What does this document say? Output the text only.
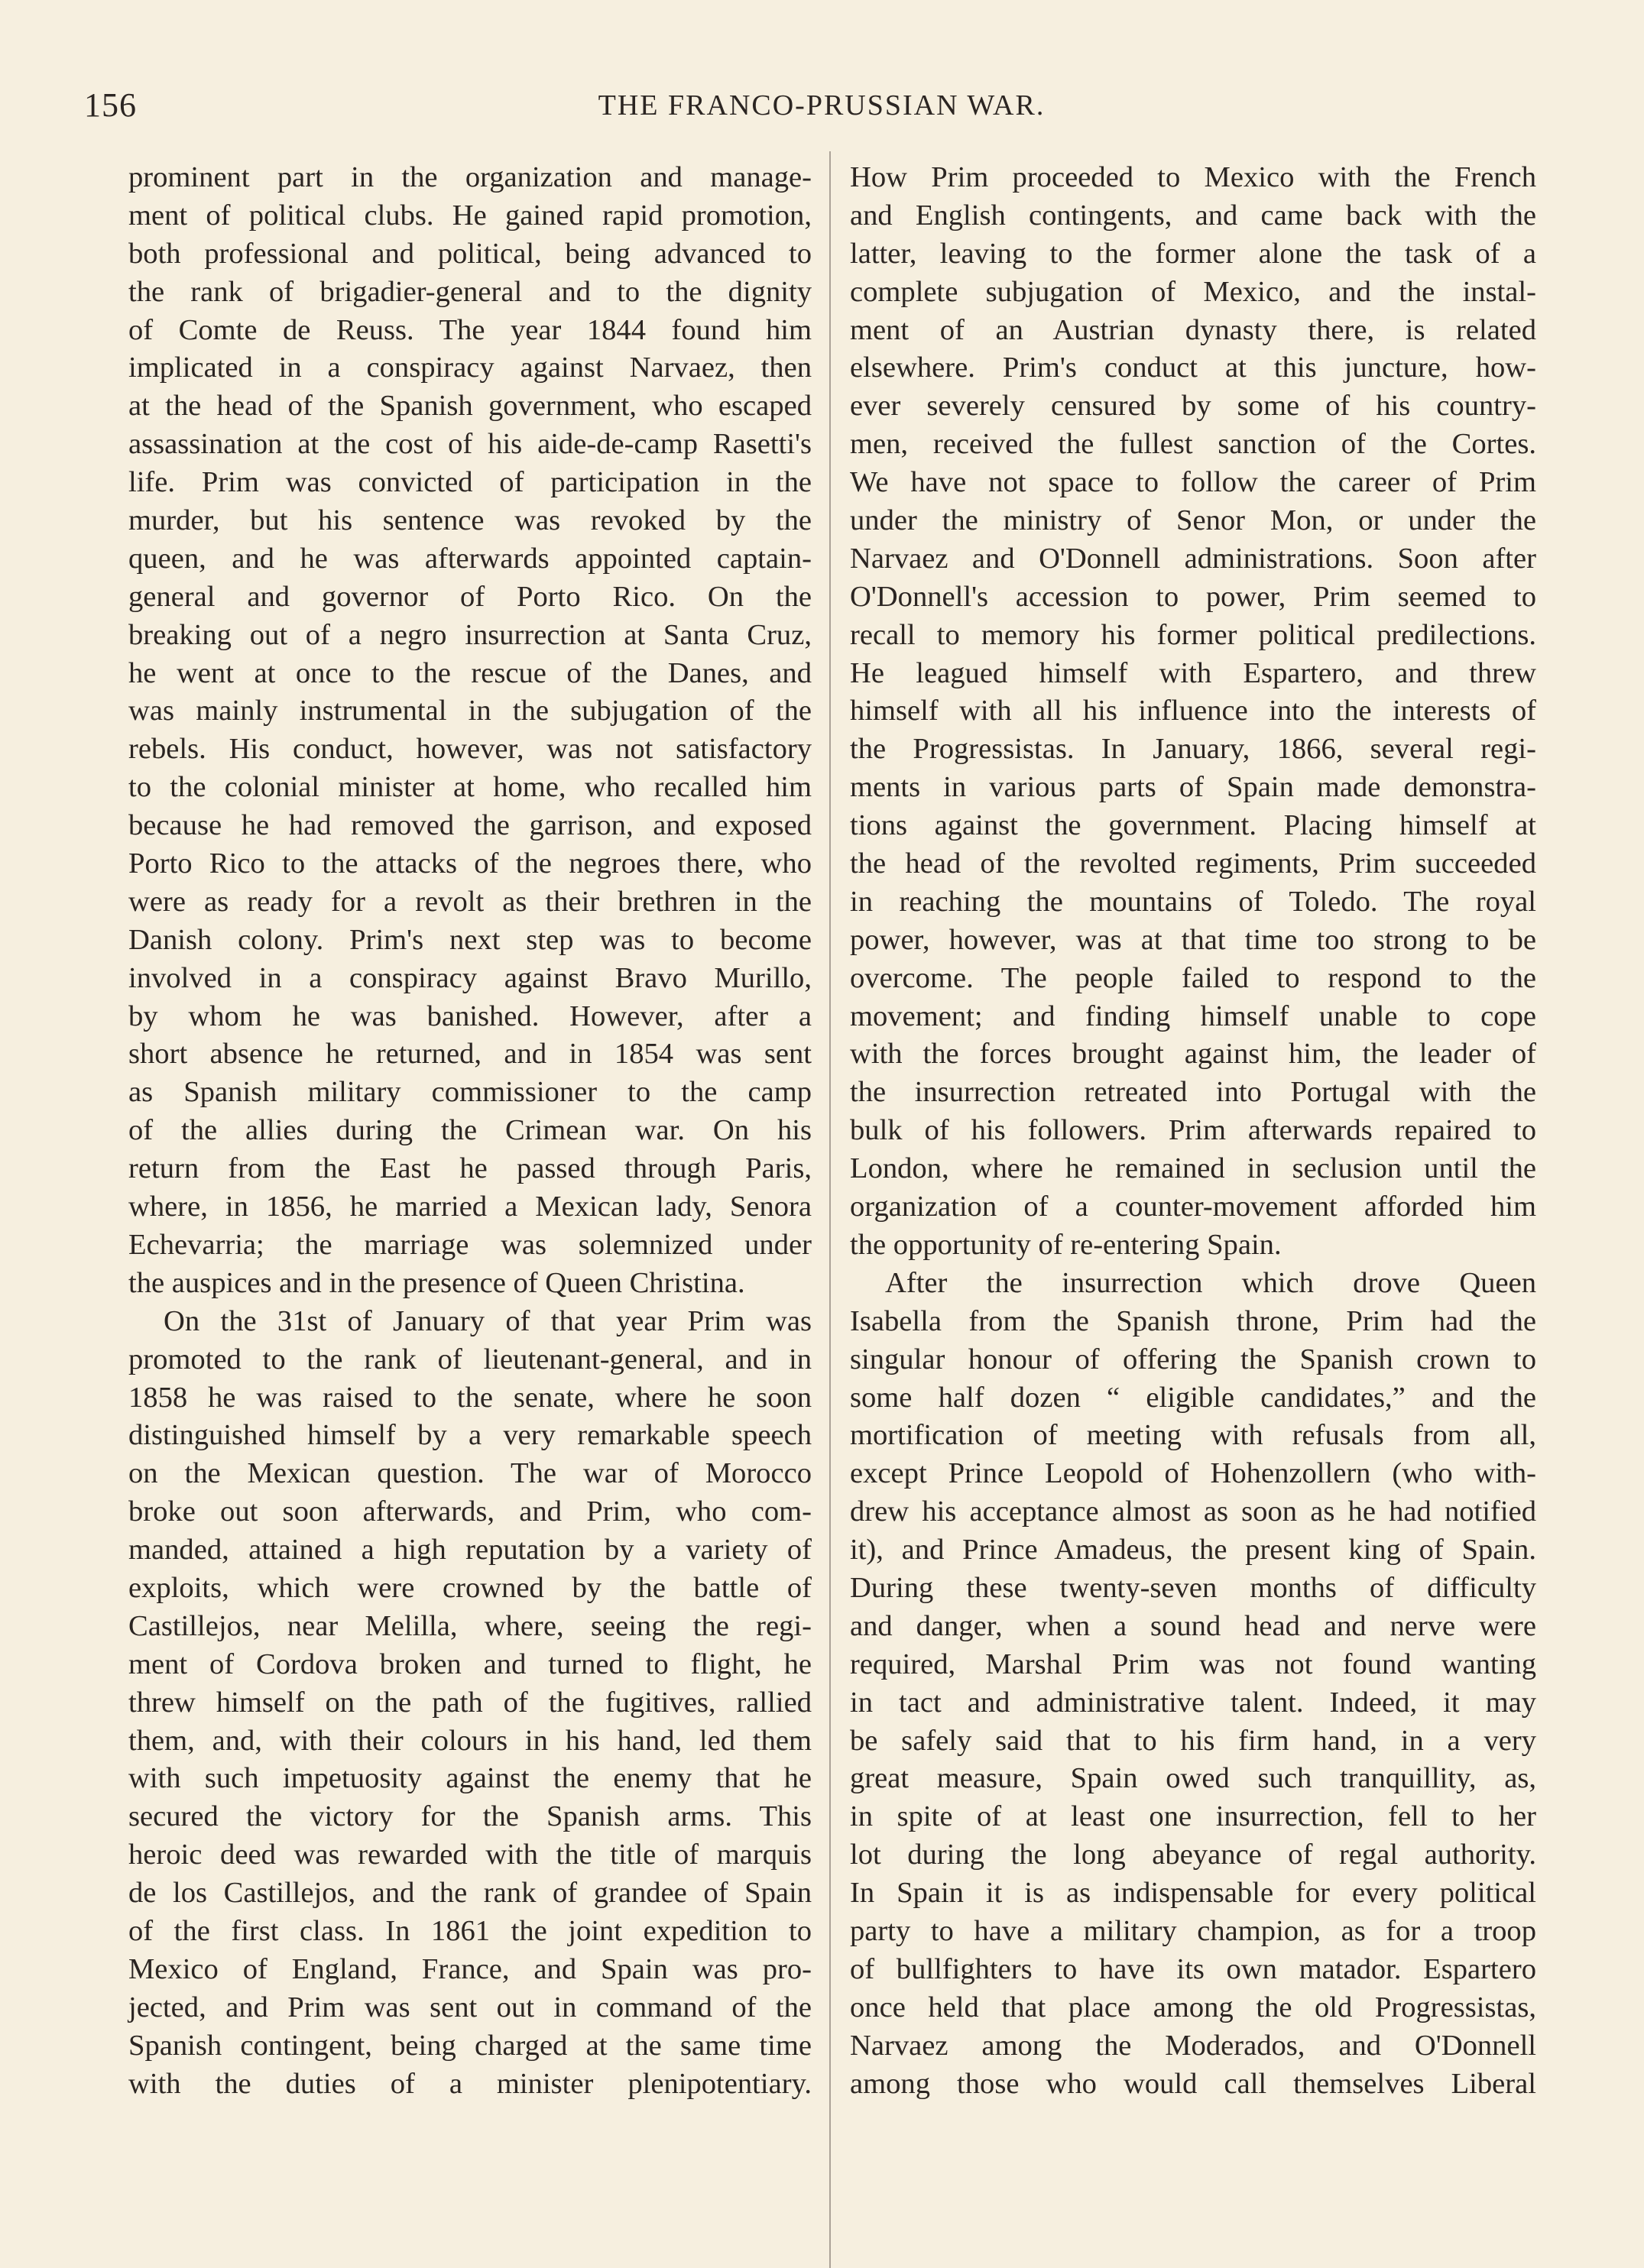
156	THE FRANCO-PRUSSIAN WAR.
prominent part in the organization and manage-
ment of political clubs. He gained rapid promotion,
both professional and political, being advanced to
the rank of brigadier-general and to the dignity
of Comte de Reuss. The year 1844 found him
implicated in a conspiracy against Narvaez, then
at the head of the Spanish government, who escaped
assassination at the cost of his aide-de-camp Rasetti's
life. Prim was convicted of participation in the
murder, but his sentence was revoked by the
queen, and he was afterwards appointed captain-
general and governor of Porto Rico. On the
breaking out of a negro insurrection at Santa Cruz,
he went at once to the rescue of the Danes, and
was mainly instrumental in the subjugation of the
rebels. His conduct, however, was not satisfactory
to the colonial minister at home, who recalled him
because he had removed the garrison, and exposed
Porto Rico to the attacks of the negroes there, who
were as ready for a revolt as their brethren in the
Danish colony. Prim's next step was to become
involved in a conspiracy against Bravo Murillo,
by whom he was banished. However, after a
short absence he returned, and in 1854 was sent
as Spanish military commissioner to the camp
of the allies during the Crimean war. On his
return from the East he passed through Paris,
where, in 1856, he married a Mexican lady, Senora
Echevarria; the marriage was solemnized under
the auspices and in the presence of Queen Christina.
On the 31st of January of that year Prim was
promoted to the rank of lieutenant-general, and in
1858 he was raised to the senate, where he soon
distinguished himself by a very remarkable speech
on the Mexican question. The war of Morocco
broke out soon afterwards, and Prim, who com-
manded, attained a high reputation by a variety of
exploits, which were crowned by the battle of
Castillejos, near Melilla, where, seeing the regi-
ment of Cordova broken and turned to flight, he
threw himself on the path of the fugitives, rallied
them, and, with their colours in his hand, led them
with such impetuosity against the enemy that he
secured the victory for the Spanish arms. This
heroic deed was rewarded with the title of marquis
de los Castillejos, and the rank of grandee of Spain
of the first class. In 1861 the joint expedition to
Mexico of England, France, and Spain was pro-
jected, and Prim was sent out in command of the
Spanish contingent, being charged at the same time
with the duties of a minister plenipotentiary.
How Prim proceeded to Mexico with the French
and English contingents, and came back with the
latter, leaving to the former alone the task of a
complete subjugation of Mexico, and the instal-
ment of an Austrian dynasty there, is related
elsewhere. Prim's conduct at this juncture, how-
ever severely censured by some of his country-
men, received the fullest sanction of the Cortes.
We have not space to follow the career of Prim
under the ministry of Senor Mon, or under the
Narvaez and O'Donnell administrations. Soon after
O'Donnell's accession to power, Prim seemed to
recall to memory his former political predilections.
He leagued himself with Espartero, and threw
himself with all his influence into the interests of
the Progressistas. In January, 1866, several regi-
ments in various parts of Spain made demonstra-
tions against the government. Placing himself at
the head of the revolted regiments, Prim succeeded
in reaching the mountains of Toledo. The royal
power, however, was at that time too strong to be
overcome. The people failed to respond to the
movement; and finding himself unable to cope
with the forces brought against him, the leader of
the insurrection retreated into Portugal with the
bulk of his followers. Prim afterwards repaired to
London, where he remained in seclusion until the
organization of a counter-movement afforded him
the opportunity of re-entering Spain.
After the insurrection which drove Queen
Isabella from the Spanish throne, Prim had the
singular honour of offering the Spanish crown to
some half dozen “ eligible candidates,” and the
mortification of meeting with refusals from all,
except Prince Leopold of Hohenzollern (who with-
drew his acceptance almost as soon as he had notified
it), and Prince Amadeus, the present king of Spain.
During these twenty-seven months of difficulty
and danger, when a sound head and nerve were
required, Marshal Prim was not found wanting
in tact and administrative talent. Indeed, it may
be safely said that to his firm hand, in a very
great measure, Spain owed such tranquillity, as,
in spite of at least one insurrection, fell to her
lot during the long abeyance of regal authority.
In Spain it is as indispensable for every political
party to have a military champion, as for a troop
of bullfighters to have its own matador. Espartero
once held that place among the old Progressistas,
Narvaez among the Moderados, and O'Donnell
among those who would call themselves Liberal
